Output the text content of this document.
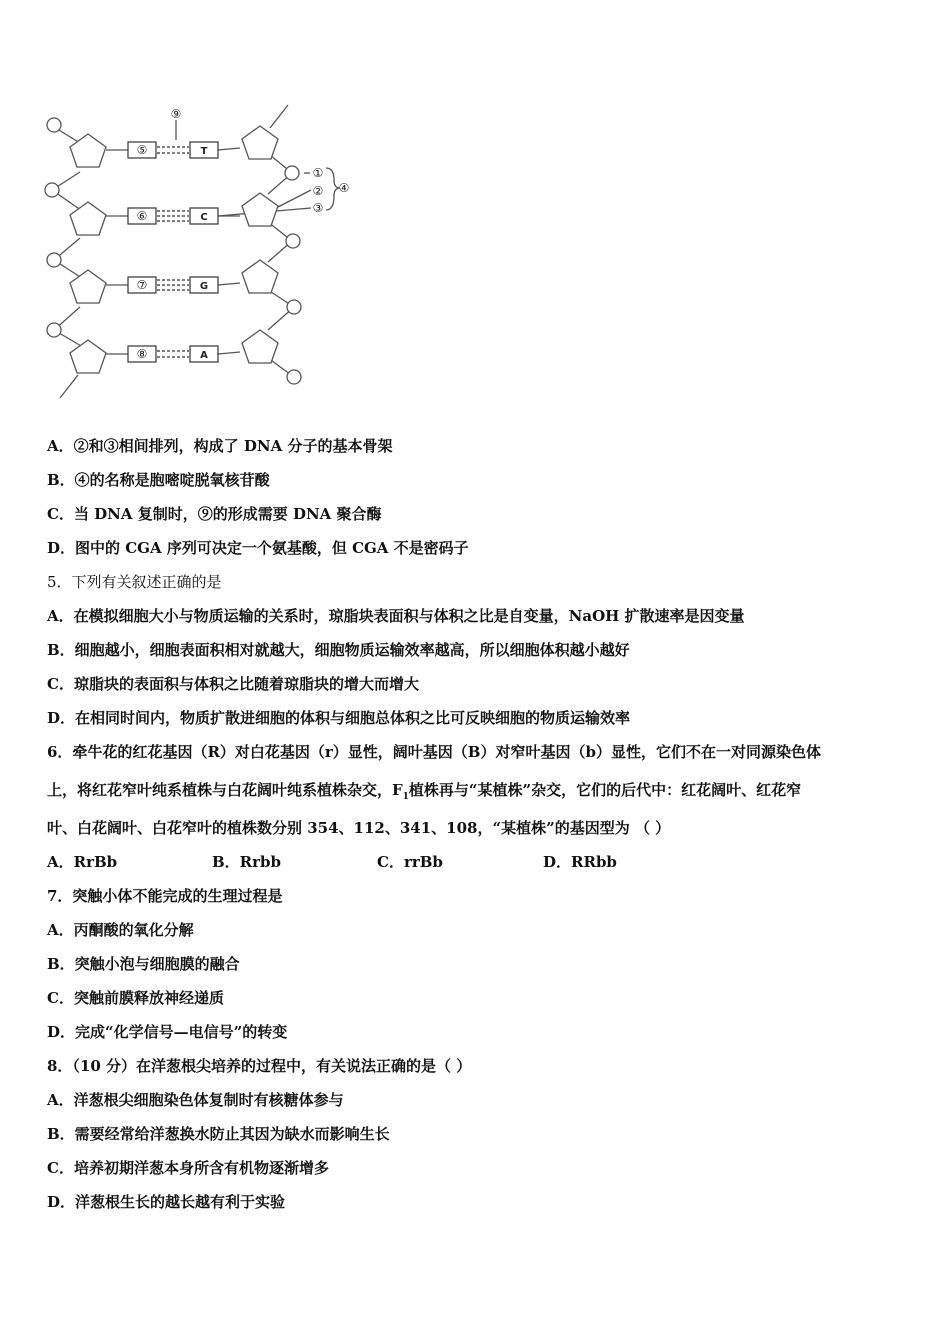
⑤
⑥
⑦
⑧
⑨
①
②
③
④
T
C
G
A
A．②和③相间排列，构成了 DNA 分子的基本骨架
B．④的名称是胞嘧啶脱氧核苷酸
C．当 DNA 复制时，⑨的形成需要 DNA 聚合酶
D．图中的 CGA 序列可决定一个氨基酸，但 CGA 不是密码子
5．下列有关叙述正确的是
A．在模拟细胞大小与物质运输的关系时，琼脂块表面积与体积之比是自变量，NaOH 扩散速率是因变量
B．细胞越小，细胞表面积相对就越大，细胞物质运输效率越高，所以细胞体积越小越好
C．琼脂块的表面积与体积之比随着琼脂块的增大而增大
D．在相同时间内，物质扩散进细胞的体积与细胞总体积之比可反映细胞的物质运输效率
6．牵牛花的红花基因（R）对白花基因（r）显性，阔叶基因（B）对窄叶基因（b）显性，它们不在一对同源染色体
上，将红花窄叶纯系植株与白花阔叶纯系植株杂交，$F_1$植株再与“某植株”杂交，它们的后代中：红花阔叶、红花窄
叶、白花阔叶、白花窄叶的植株数分别 354、112、341、108，“某植株”的基因型为 （ ）
A．RrBb	B．Rrbb	C．rrBb	D．RRbb
7．突触小体不能完成的生理过程是
A．丙酮酸的氧化分解
B．突触小泡与细胞膜的融合
C．突触前膜释放神经递质
D．完成“化学信号—电信号”的转变
8．（10 分）在洋葱根尖培养的过程中，有关说法正确的是（ ）
A．洋葱根尖细胞染色体复制时有核糖体参与
B．需要经常给洋葱换水防止其因为缺水而影响生长
C．培养初期洋葱本身所含有机物逐渐增多
D．洋葱根生长的越长越有利于实验
